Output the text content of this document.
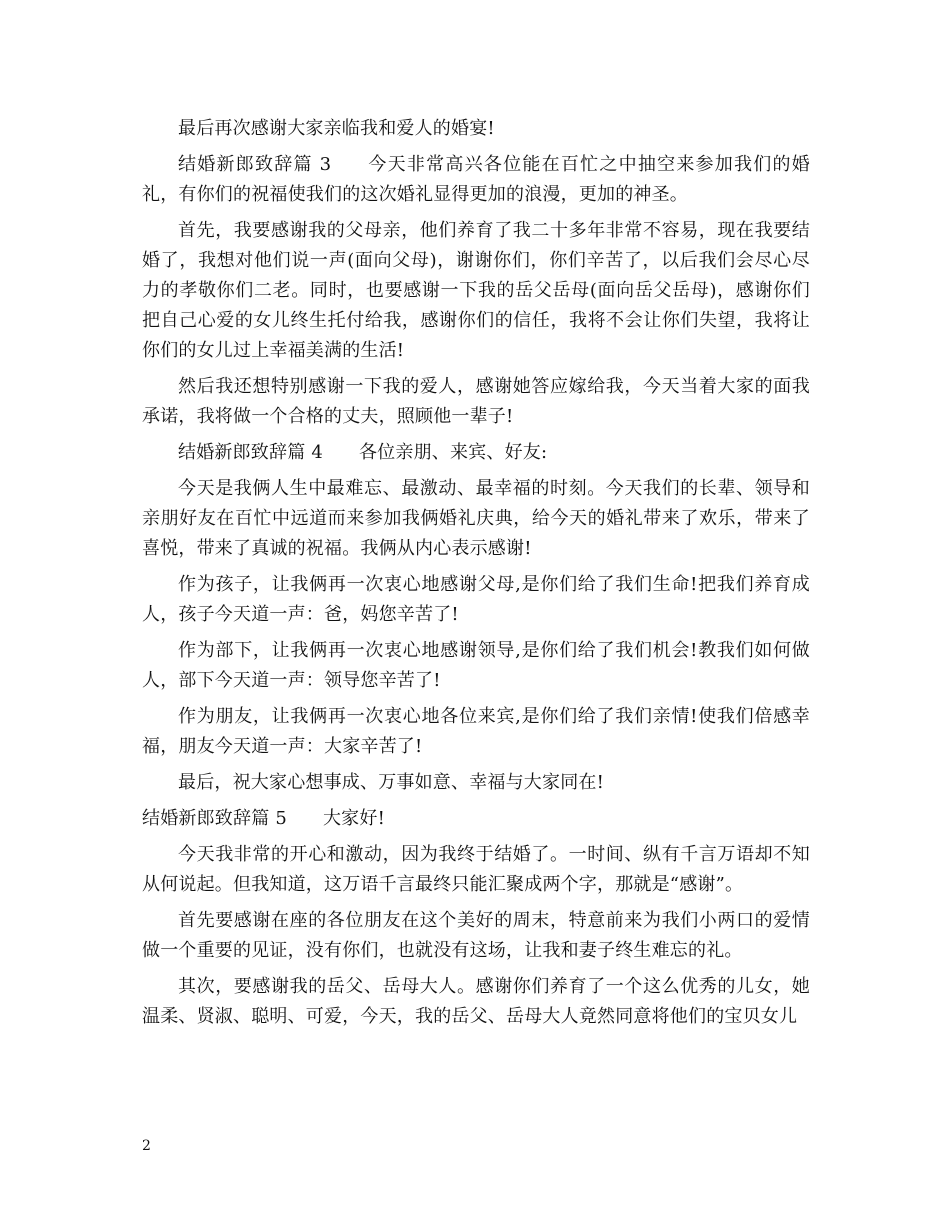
最后再次感谢大家亲临我和爱人的婚宴!

结婚新郎致辞篇 3 今天非常高兴各位能在百忙之中抽空来参加我们的婚礼，有你们的祝福使我们的这次婚礼显得更加的浪漫，更加的神圣。

首先，我要感谢我的父母亲，他们养育了我二十多年非常不容易，现在我要结婚了，我想对他们说一声(面向父母)，谢谢你们，你们辛苦了，以后我们会尽心尽力的孝敬你们二老。同时，也要感谢一下我的岳父岳母(面向岳父岳母)，感谢你们把自己心爱的女儿终生托付给我，感谢你们的信任，我将不会让你们失望，我将让你们的女儿过上幸福美满的生活!

然后我还想特别感谢一下我的爱人，感谢她答应嫁给我，今天当着大家的面我承诺，我将做一个合格的丈夫，照顾他一辈子!

结婚新郎致辞篇 4 各位亲朋、来宾、好友:

今天是我俩人生中最难忘、最激动、最幸福的时刻。今天我们的长辈、领导和亲朋好友在百忙中远道而来参加我俩婚礼庆典，给今天的婚礼带来了欢乐，带来了喜悦，带来了真诚的祝福。我俩从内心表示感谢!

作为孩子，让我俩再一次衷心地感谢父母,是你们给了我们生命!把我们养育成人，孩子今天道一声：爸，妈您辛苦了!

作为部下，让我俩再一次衷心地感谢领导,是你们给了我们机会!教我们如何做人，部下今天道一声：领导您辛苦了!

作为朋友，让我俩再一次衷心地各位来宾,是你们给了我们亲情!使我们倍感幸福，朋友今天道一声：大家辛苦了!

最后，祝大家心想事成、万事如意、幸福与大家同在!

结婚新郎致辞篇 5 大家好!

今天我非常的开心和激动，因为我终于结婚了。一时间、纵有千言万语却不知从何说起。但我知道，这万语千言最终只能汇聚成两个字，那就是“感谢”。

首先要感谢在座的各位朋友在这个美好的周末，特意前来为我们小两口的爱情做一个重要的见证，没有你们，也就没有这场，让我和妻子终生难忘的礼。

其次，要感谢我的岳父、岳母大人。感谢你们养育了一个这么优秀的儿女，她温柔、贤淑、聪明、可爱，今天，我的岳父、岳母大人竟然同意将他们的宝贝女儿

2
